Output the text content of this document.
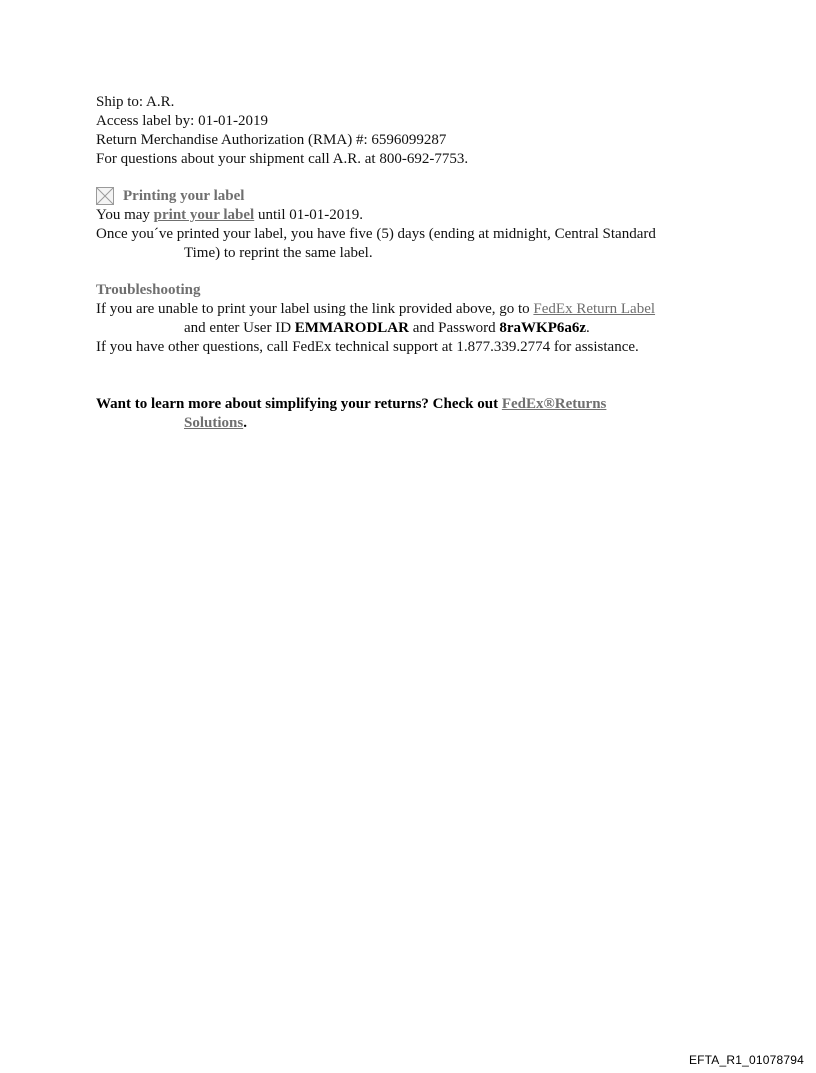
Ship to: A.R.
Access label by: 01-01-2019
Return Merchandise Authorization (RMA) #: 6596099287
For questions about your shipment call A.R. at 800-692-7753.
Printing your label
You may print your label until 01-01-2019.
Once you´ve printed your label, you have five (5) days (ending at midnight, Central Standard Time) to reprint the same label.
Troubleshooting
If you are unable to print your label using the link provided above, go to FedEx Return Label and enter User ID EMMARODLAR and Password 8raWKP6a6z.
If you have other questions, call FedEx technical support at 1.877.339.2774 for assistance.
Want to learn more about simplifying your returns? Check out FedEx®Returns Solutions.
EFTA_R1_01078794
